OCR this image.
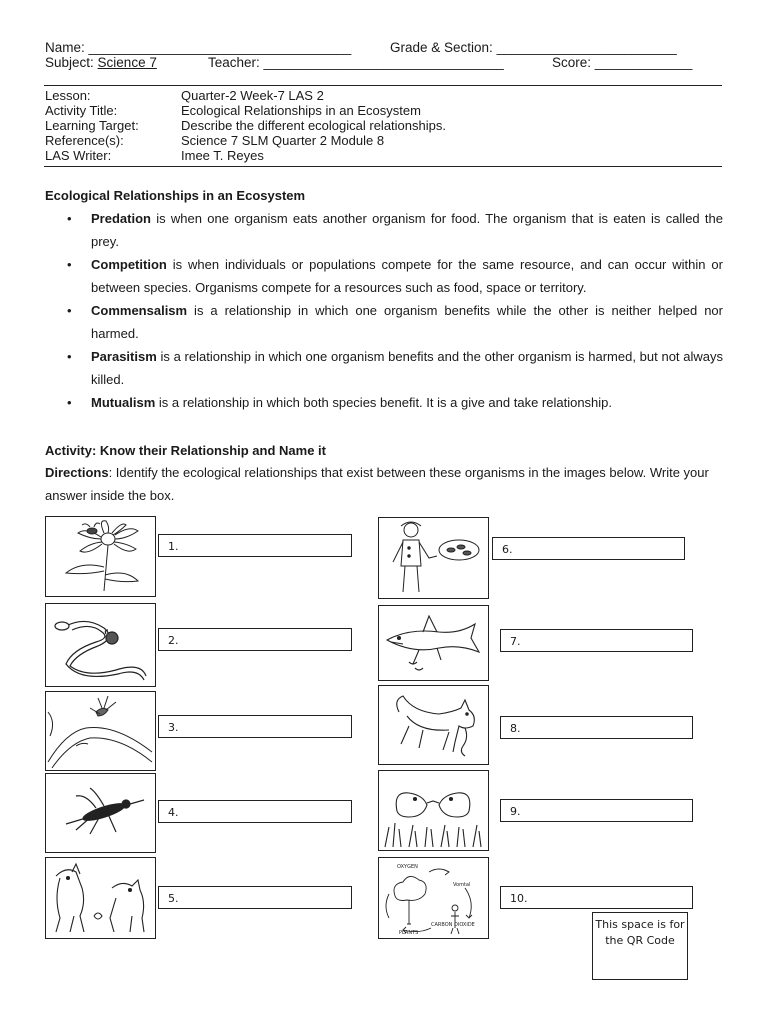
Name: ___________________________________	Grade & Section: ________________________
Subject: Science 7	Teacher: ________________________________	Score: _____________
Lesson:	Quarter-2 Week-7 LAS 2
Activity Title:	Ecological Relationships in an Ecosystem
Learning Target:	Describe the different ecological relationships.
Reference(s):	Science 7 SLM Quarter 2 Module 8
LAS Writer:	Imee T. Reyes
Ecological Relationships in an Ecosystem
• Predation is when one organism eats another organism for food. The organism that is eaten is called the prey.
• Competition is when individuals or populations compete for the same resource, and can occur within or between species. Organisms compete for a resources such as food, space or territory.
• Commensalism is a relationship in which one organism benefits while the other is neither helped nor harmed.
• Parasitism is a relationship in which one organism benefits and the other organism is harmed, but not always killed.
• Mutualism is a relationship in which both species benefit. It is a give and take relationship.
Activity: Know their Relationship and Name it
Directions: Identify the ecological relationships that exist between these organisms in the images below. Write your answer inside the box.
1.
2.
3.
4.
5.
OXYGEN
Vomtal
PLANTS
CARBON DIOXIDE
6.
7.
8.
9.
10.
This space is for the QR Code
